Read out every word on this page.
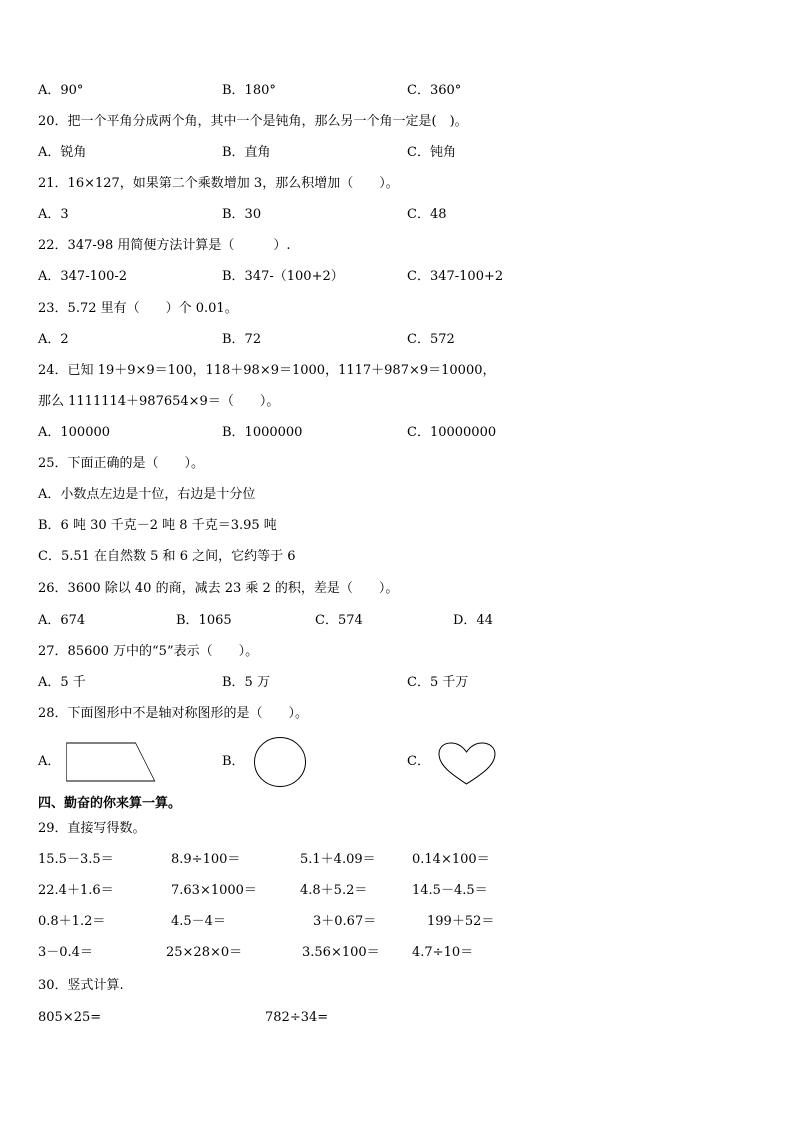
A．90°	B．180°	C．360°
20．把一个平角分成两个角，其中一个是钝角，那么另一个角一定是(　)。
A．锐角	B．直角	C．钝角
21．16×127，如果第二个乘数增加 3，那么积增加（　　）。
A．3	B．30	C．48
22．347-98 用简便方法计算是（　　　）.
A．347-100-2	B．347-（100+2）	C．347-100+2
23．5.72 里有（　　）个 0.01。
A．2	B．72	C．572
24．已知 19＋9×9＝100，118＋98×9＝1000，1117＋987×9＝10000，
那么 1111114＋987654×9＝（　　）。
A．100000	B．1000000	C．10000000
25．下面正确的是（　　）。
A．小数点左边是十位，右边是十分位
B．6 吨 30 千克－2 吨 8 千克＝3.95 吨
C．5.51 在自然数 5 和 6 之间，它约等于 6
26．3600 除以 40 的商，减去 23 乘 2 的积，差是（　　）。
A．674	B．1065	C．574	D．44
27．85600 万中的“5”表示（　　）。
A．5 千	B．5 万	C．5 千万
28．下面图形中不是轴对称图形的是（　　）。
A．	B．	C．
四、勤奋的你来算一算。
29．直接写得数。
15.5－3.5＝	8.9÷100＝	5.1＋4.09＝	0.14×100＝
22.4＋1.6＝	7.63×1000＝	4.8＋5.2＝	14.5－4.5＝
0.8＋1.2＝	4.5－4＝	3＋0.67＝	199＋52＝
3－0.4＝	25×28×0＝	3.56×100＝ 4.7÷10＝
30．竖式计算.
805×25=	782÷34=
